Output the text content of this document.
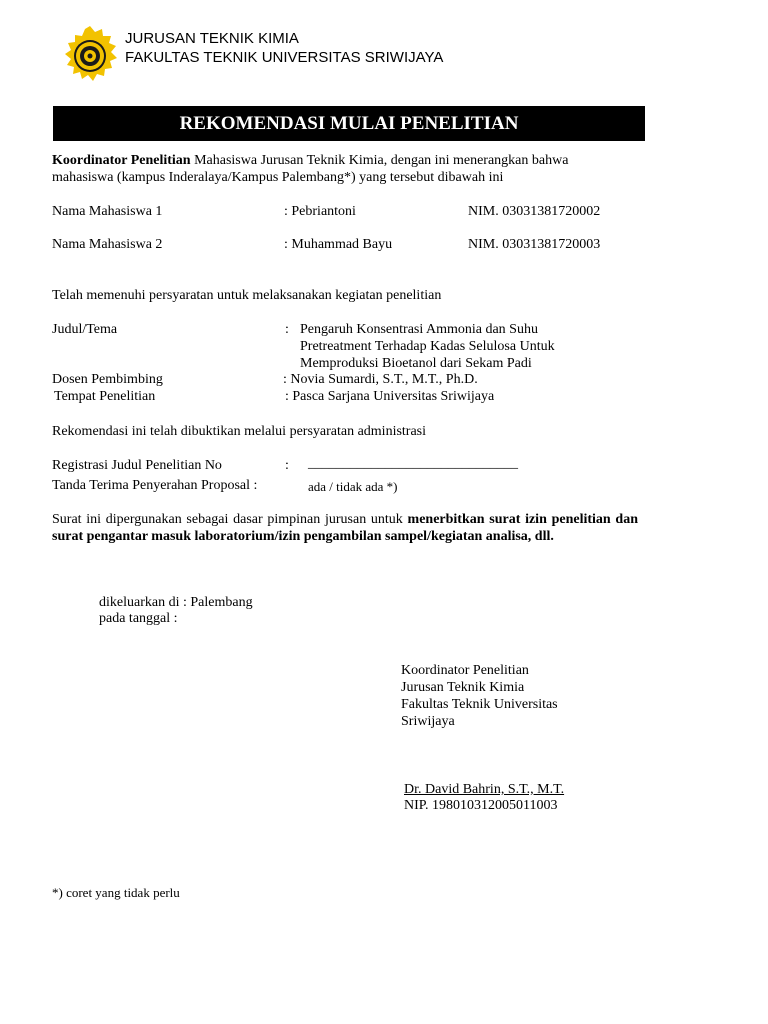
JURUSAN TEKNIK KIMIA
FAKULTAS TEKNIK UNIVERSITAS SRIWIJAYA
REKOMENDASI MULAI PENELITIAN
Koordinator Penelitian Mahasiswa Jurusan Teknik Kimia, dengan ini menerangkan bahwa
mahasiswa (kampus Inderalaya/Kampus Palembang*) yang tersebut dibawah ini
Nama Mahasiswa 1	: Pebriantoni	NIM. 03031381720002
Nama Mahasiswa 2	: Muhammad Bayu	NIM. 03031381720003
Telah memenuhi persyaratan untuk melaksanakan kegiatan penelitian
Judul/Tema	: Pengaruh Konsentrasi Ammonia dan Suhu
Pretreatment Terhadap Kadas Selulosa Untuk
Memproduksi Bioetanol dari Sekam Padi
Dosen Pembimbing	: Novia Sumardi, S.T., M.T., Ph.D.
Tempat Penelitian	: Pasca Sarjana Universitas Sriwijaya
Rekomendasi ini telah dibuktikan melalui persyaratan administrasi
Registrasi Judul Penelitian No	: ______________________________
Tanda Terima Penyerahan Proposal :	ada / tidak ada *)
Surat ini dipergunakan sebagai dasar pimpinan jurusan untuk menerbitkan surat izin penelitian dan surat pengantar masuk laboratorium/izin pengambilan sampel/kegiatan analisa, dll.
dikeluarkan di : Palembang
pada tanggal :
Koordinator Penelitian
Jurusan Teknik Kimia
Fakultas Teknik Universitas
Sriwijaya
Dr. David Bahrin, S.T., M.T.
NIP. 198010312005011003
*) coret yang tidak perlu
